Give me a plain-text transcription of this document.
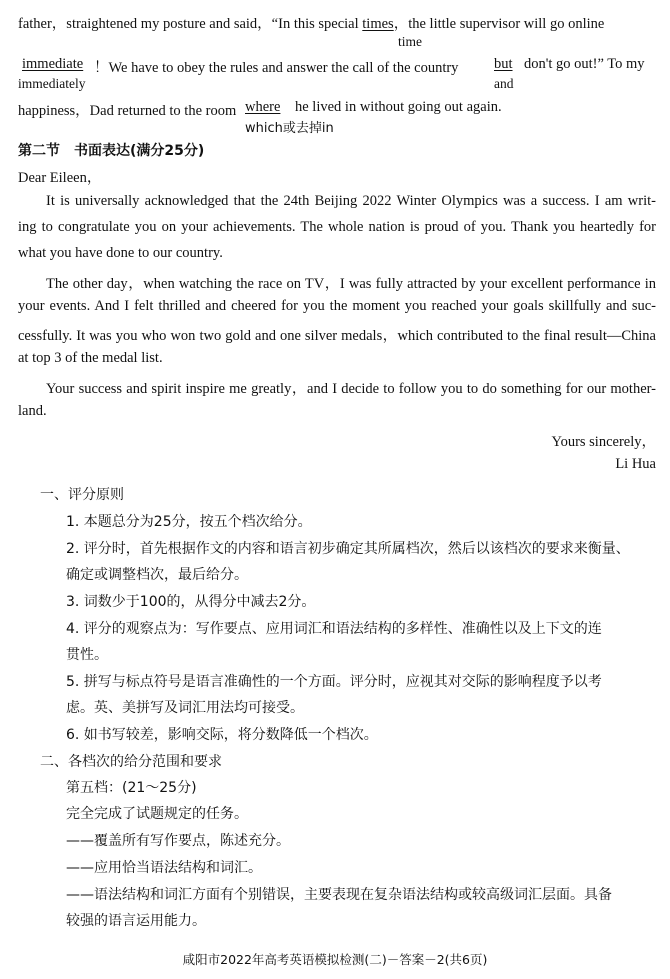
father，straightened my posture and said，“In this special times，the little supervisor will go online
time
immediate ！We have to obey the rules and answer the call of the country but don't go out!” To my
immediately	and
happiness，Dad returned to the room where he lived in without going out again.
which或去掉in
第二节　书面表达(满分25分)
Dear Eileen，
It is universally acknowledged that the 24th Beijing 2022 Winter Olympics was a success. I am writ-
ing to congratulate you on your achievements. The whole nation is proud of you. Thank you heartedly for
what you have done to our country.
The other day，when watching the race on TV，I was fully attracted by your excellent performance in
your events. And I felt thrilled and cheered for you the moment you reached your goals skillfully and suc-
cessfully. It was you who won two gold and one silver medals，which contributed to the final result—China
at top 3 of the medal list.
Your success and spirit inspire me greatly，and I decide to follow you to do something for our mother-
land.
Yours sincerely，
Li Hua
一、评分原则
1. 本题总分为25分，按五个档次给分。
2. 评分时，首先根据作文的内容和语言初步确定其所属档次，然后以该档次的要求来衡量、
确定或调整档次，最后给分。
3. 词数少于100的，从得分中减去2分。
4. 评分的观察点为：写作要点、应用词汇和语法结构的多样性、准确性以及上下文的连
贯性。
5. 拼写与标点符号是语言准确性的一个方面。评分时，应视其对交际的影响程度予以考
虑。英、美拼写及词汇用法均可接受。
6. 如书写较差，影响交际，将分数降低一个档次。
二、各档次的给分范围和要求
第五档：(21～25分)
完全完成了试题规定的任务。
——覆盖所有写作要点，陈述充分。
——应用恰当语法结构和词汇。
——语法结构和词汇方面有个别错误，主要表现在复杂语法结构或较高级词汇层面。具备
较强的语言运用能力。
咸阳市2022年高考英语模拟检测(二)－答案－2(共6页)
